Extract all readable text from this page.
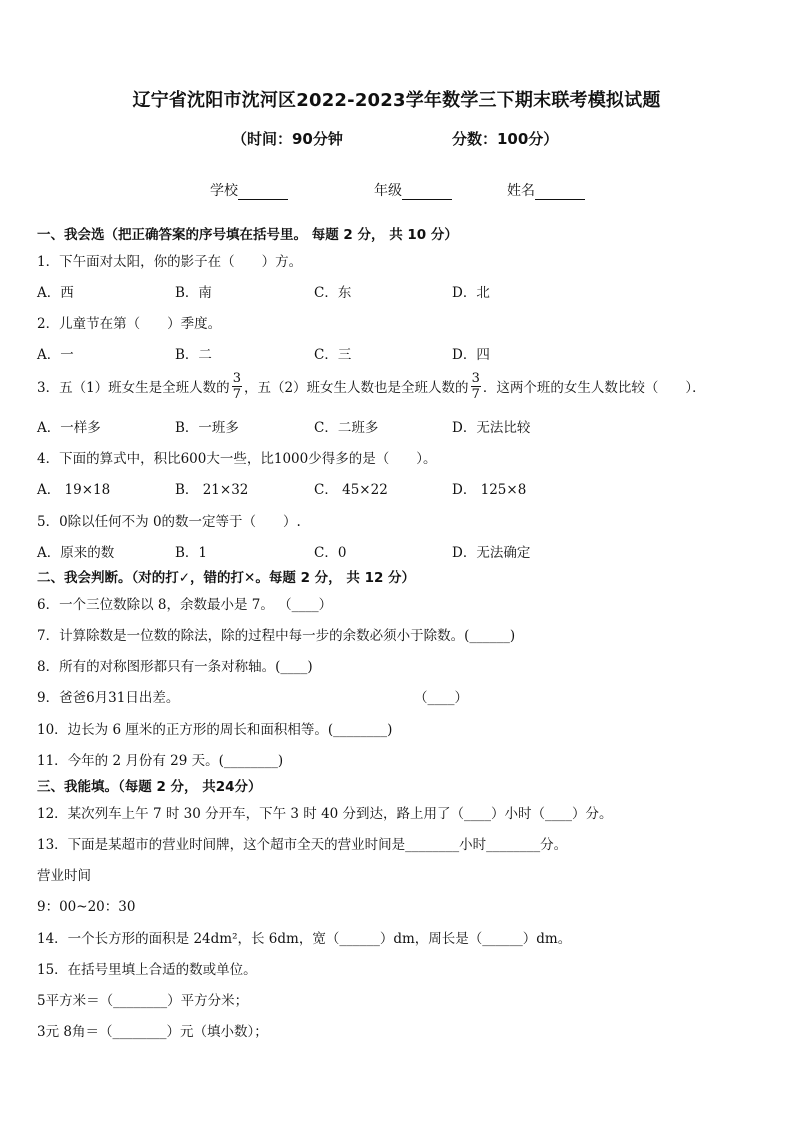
辽宁省沈阳市沈河区2022-2023学年数学三下期末联考模拟试题
（时间：90分钟	分数：100分）
学校	年级	姓名
一、我会选（把正确答案的序号填在括号里。 每题 2 分， 共 10 分）
1．下午面对太阳，你的影子在（　　）方。
A．西	B．南	C．东	D．北
2．儿童节在第（　　）季度。
A．一	B．二	C．三	D．四
3．五（1）班女生是全班人数的 $\frac{3}{7}$ ，五（2）班女生人数也是全班人数的 $\frac{3}{7}$ ．这两个班的女生人数比较（　　）．
A．一样多	B．一班多	C．二班多	D．无法比较
4．下面的算式中，积比600大一些，比1000少得多的是（　　）。
A． 19×18	B． 21×32	C． 45×22	D． 125×8
5．0除以任何不为 0的数一定等于（　　）.
A．原来的数	B．1	C．0	D．无法确定
二、我会判断。（对的打✓，错的打✕。每题 2 分， 共 12 分）
6．一个三位数除以 8，余数最小是 7。 （____）
7．计算除数是一位数的除法，除的过程中每一步的余数必须小于除数。(______)
8．所有的对称图形都只有一条对称轴。(____)
9．爸爸6月31日出差。	（____）
10．边长为 6 厘米的正方形的周长和面积相等。(________)
11．今年的 2 月份有 29 天。(________)
三、我能填。（每题 2 分， 共24分）
12．某次列车上午 7 时 30 分开车，下午 3 时 40 分到达，路上用了（____）小时（____）分。
13．下面是某超市的营业时间牌，这个超市全天的营业时间是________小时________分。
营业时间
9：00~20：30
14．一个长方形的面积是 24dm²，长 6dm，宽（______）dm，周长是（______）dm。
15．在括号里填上合适的数或单位。
5平方米＝（________）平方分米；
3元 8角＝（________）元（填小数）；
